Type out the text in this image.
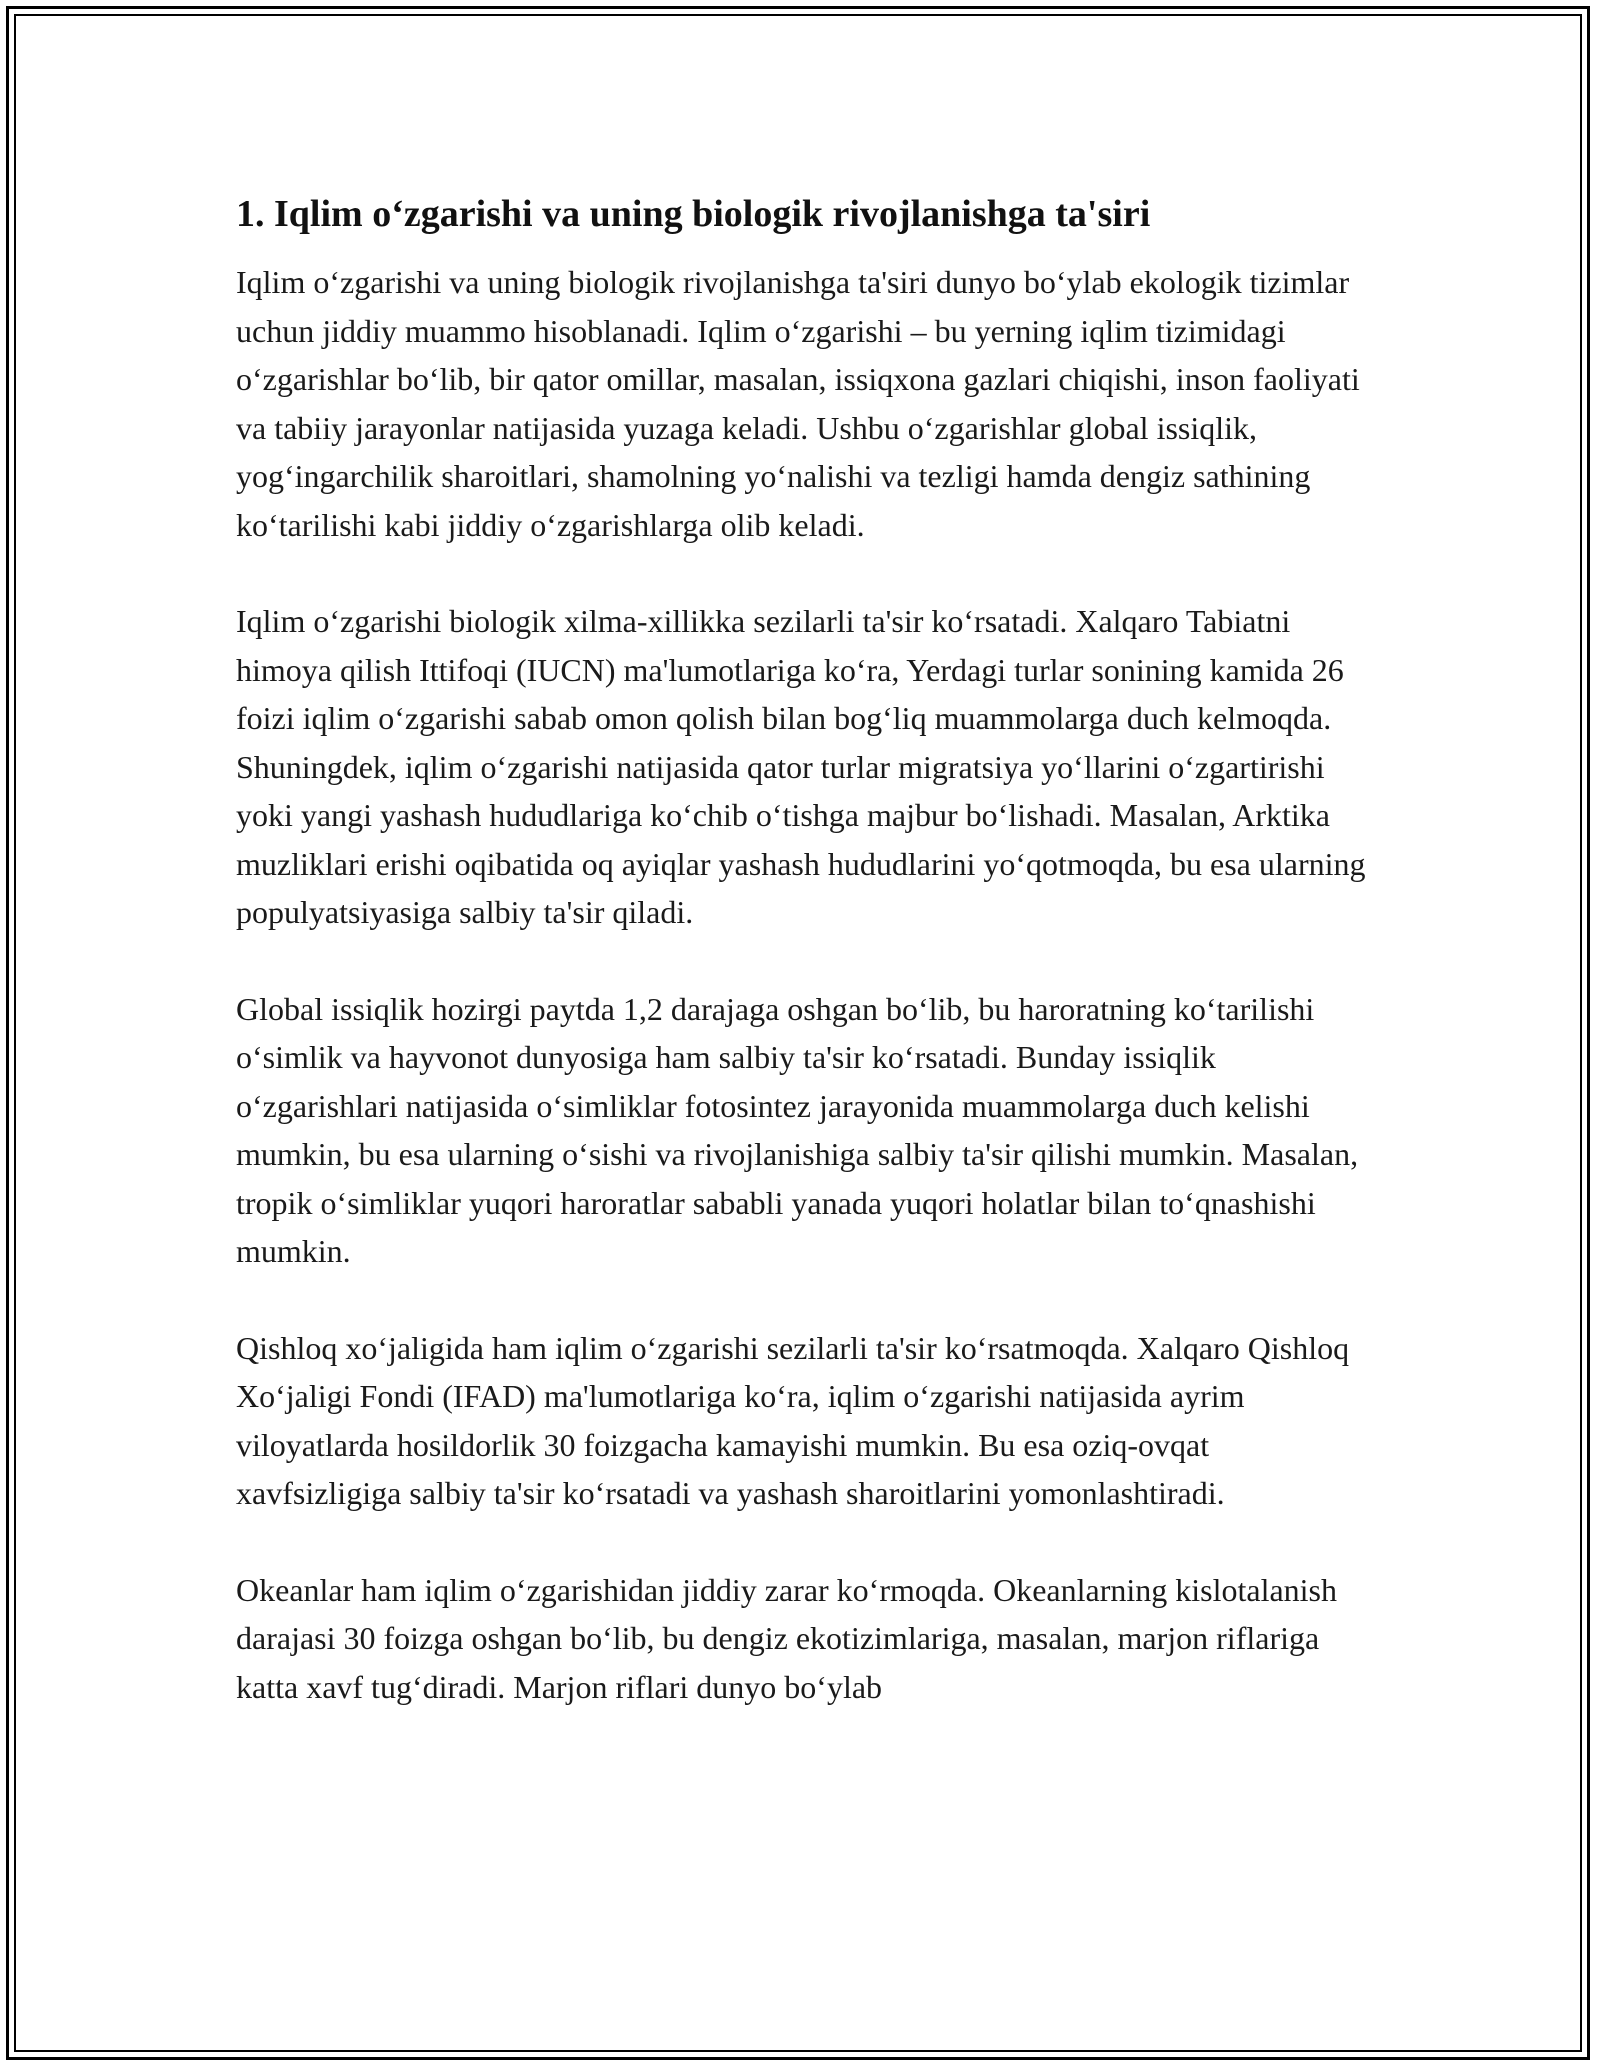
1. Iqlim o‘zgarishi va uning biologik rivojlanishga ta'siri

Iqlim o‘zgarishi va uning biologik rivojlanishga ta'siri dunyo bo‘ylab ekologik tizimlar uchun jiddiy muammo hisoblanadi. Iqlim o‘zgarishi – bu yerning iqlim tizimidagi o‘zgarishlar bo‘lib, bir qator omillar, masalan, issiqxona gazlari chiqishi, inson faoliyati va tabiiy jarayonlar natijasida yuzaga keladi. Ushbu o‘zgarishlar global issiqlik, yog‘ingarchilik sharoitlari, shamolning yo‘nalishi va tezligi hamda dengiz sathining ko‘tarilishi kabi jiddiy o‘zgarishlarga olib keladi.

Iqlim o‘zgarishi biologik xilma-xillikka sezilarli ta'sir ko‘rsatadi. Xalqaro Tabiatni himoya qilish Ittifoqi (IUCN) ma'lumotlariga ko‘ra, Yerdagi turlar sonining kamida 26 foizi iqlim o‘zgarishi sabab omon qolish bilan bog‘liq muammolarga duch kelmoqda. Shuningdek, iqlim o‘zgarishi natijasida qator turlar migratsiya yo‘llarini o‘zgartirishi yoki yangi yashash hududlariga ko‘chib o‘tishga majbur bo‘lishadi. Masalan, Arktika muzliklari erishi oqibatida oq ayiqlar yashash hududlarini yo‘qotmoqda, bu esa ularning populyatsiyasiga salbiy ta'sir qiladi.

Global issiqlik hozirgi paytda 1,2 darajaga oshgan bo‘lib, bu haroratning ko‘tarilishi o‘simlik va hayvonot dunyosiga ham salbiy ta'sir ko‘rsatadi. Bunday issiqlik o‘zgarishlari natijasida o‘simliklar fotosintez jarayonida muammolarga duch kelishi mumkin, bu esa ularning o‘sishi va rivojlanishiga salbiy ta'sir qilishi mumkin. Masalan, tropik o‘simliklar yuqori haroratlar sababli yanada yuqori holatlar bilan to‘qnashishi mumkin.

Qishloq xo‘jaligida ham iqlim o‘zgarishi sezilarli ta'sir ko‘rsatmoqda. Xalqaro Qishloq Xo‘jaligi Fondi (IFAD) ma'lumotlariga ko‘ra, iqlim o‘zgarishi natijasida ayrim viloyatlarda hosildorlik 30 foizgacha kamayishi mumkin. Bu esa oziq-ovqat xavfsizligiga salbiy ta'sir ko‘rsatadi va yashash sharoitlarini yomonlashtiradi.

Okeanlar ham iqlim o‘zgarishidan jiddiy zarar ko‘rmoqda. Okeanlarning kislotalanish darajasi 30 foizga oshgan bo‘lib, bu dengiz ekotizimlariga, masalan, marjon riflariga katta xavf tug‘diradi. Marjon riflari dunyo bo‘ylab
